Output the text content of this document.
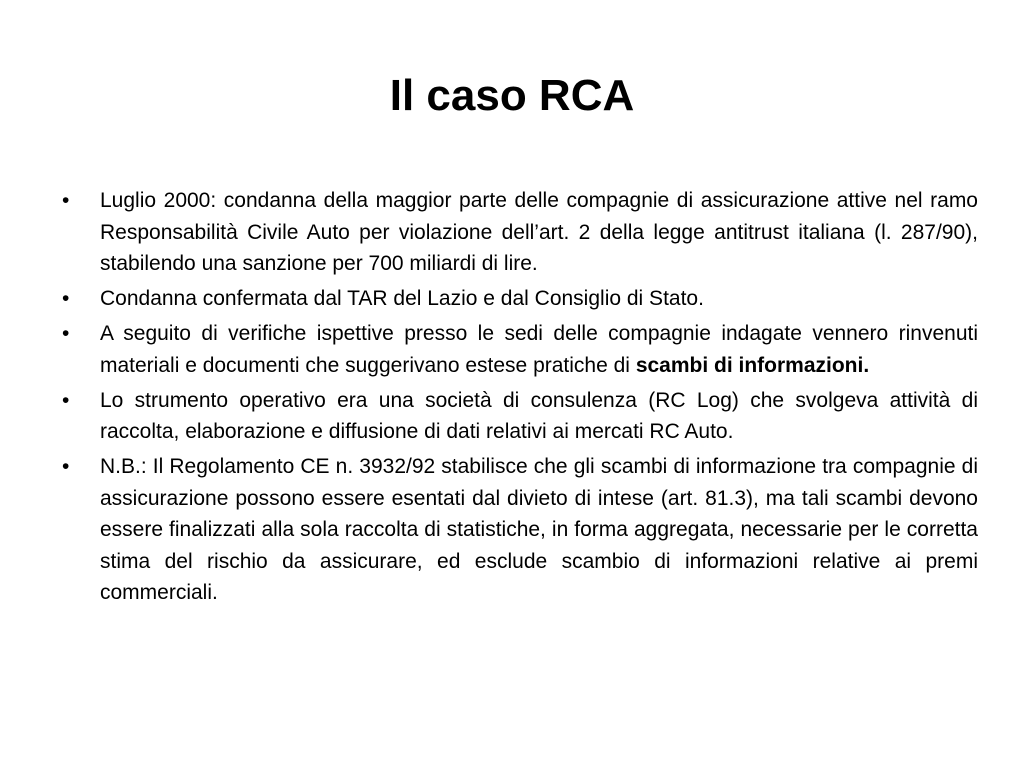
Il caso RCA
•	Luglio 2000: condanna della maggior parte delle compagnie di assicurazione attive nel ramo Responsabilità Civile Auto per violazione dell’art. 2 della legge antitrust italiana (l. 287/90), stabilendo una sanzione per 700 miliardi di lire.
•	Condanna confermata dal TAR del Lazio e dal Consiglio di Stato.
•	A seguito di verifiche ispettive presso le sedi delle compagnie indagate vennero rinvenuti materiali e documenti che suggerivano estese pratiche di scambi di informazioni.
•	Lo strumento operativo era una società di consulenza (RC Log) che svolgeva attività di raccolta, elaborazione e diffusione di dati relativi ai mercati RC Auto.
•	N.B.: Il Regolamento CE n. 3932/92 stabilisce che gli scambi di informazione tra compagnie di assicurazione possono essere esentati dal divieto di intese (art. 81.3), ma tali scambi devono essere finalizzati alla sola raccolta di statistiche, in forma aggregata, necessarie per le corretta stima del rischio da assicurare, ed esclude scambio di informazioni relative ai premi commerciali.
